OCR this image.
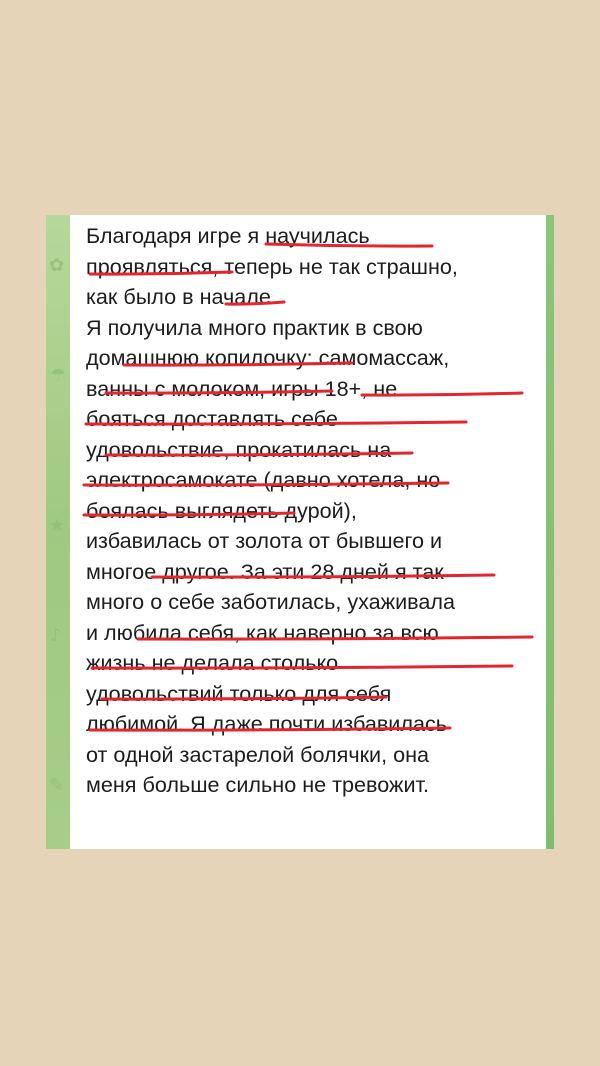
✿
☂
★
♪
✎

Благодаря игре я научилась
проявляться, теперь не так страшно,
как было в начале.
Я получила много практик в свою
домашнюю копилочку: самомассаж,
ванны с молоком, игры 18+, не
бояться доставлять себе
удовольствие, прокатилась на
электросамокате (давно хотела, но
боялась выглядеть дурой),
избавилась от золота от бывшего и
многое другое. За эти 28 дней я так
много о себе заботилась, ухаживала
и любила себя, как наверно за всю
жизнь не делала столько
удовольствий только для себя
любимой. Я даже почти избавилась
от одной застарелой болячки, она
меня больше сильно не тревожит.
